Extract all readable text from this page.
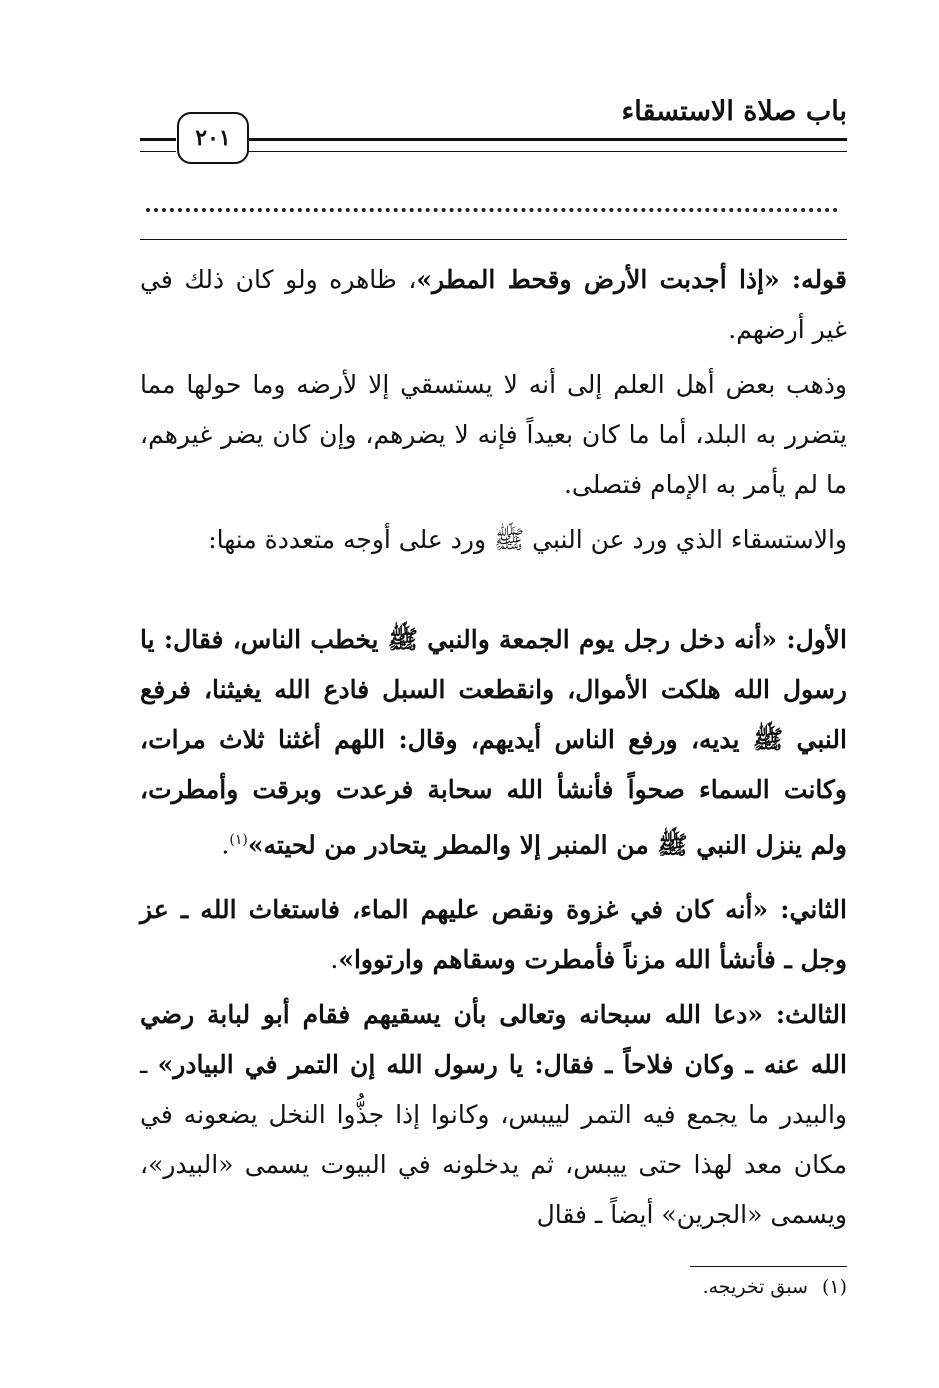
باب صلاة الاستسقاء
٢٠١
قوله: «إذا أجدبت الأرض وقحط المطر»، ظاهره ولو كان ذلك في غير أرضهم.
وذهب بعض أهل العلم إلى أنه لا يستسقي إلا لأرضه وما حولها مما يتضرر به البلد، أما ما كان بعيداً فإنه لا يضرهم، وإن كان يضر غيرهم، ما لم يأمر به الإمام فتصلى.
والاستسقاء الذي ورد عن النبي ﷺ ورد على أوجه متعددة منها:
الأول: «أنه دخل رجل يوم الجمعة والنبي ﷺ يخطب الناس، فقال: يا رسول الله هلكت الأموال، وانقطعت السبل فادع الله يغيثنا، فرفع النبي ﷺ يديه، ورفع الناس أيديهم، وقال: اللهم أغثنا ثلاث مرات، وكانت السماء صحواً فأنشأ الله سحابة فرعدت وبرقت وأمطرت، ولم ينزل النبي ﷺ من المنبر إلا والمطر يتحادر من لحيته»$^{(١)}$.
الثاني: «أنه كان في غزوة ونقص عليهم الماء، فاستغاث الله ـ عز وجل ـ فأنشأ الله مزناً فأمطرت وسقاهم وارتووا».
الثالث: «دعا الله سبحانه وتعالى بأن يسقيهم فقام أبو لبابة رضي الله عنه ـ وكان فلاحاً ـ فقال: يا رسول الله إن التمر في البيادر» ـ والبيدر ما يجمع فيه التمر لييبس، وكانوا إذا جذُّوا النخل يضعونه في مكان معد لهذا حتى ييبس، ثم يدخلونه في البيوت يسمى «البيدر»، ويسمى «الجرين» أيضاً ـ فقال
(١)سبق تخريجه.
